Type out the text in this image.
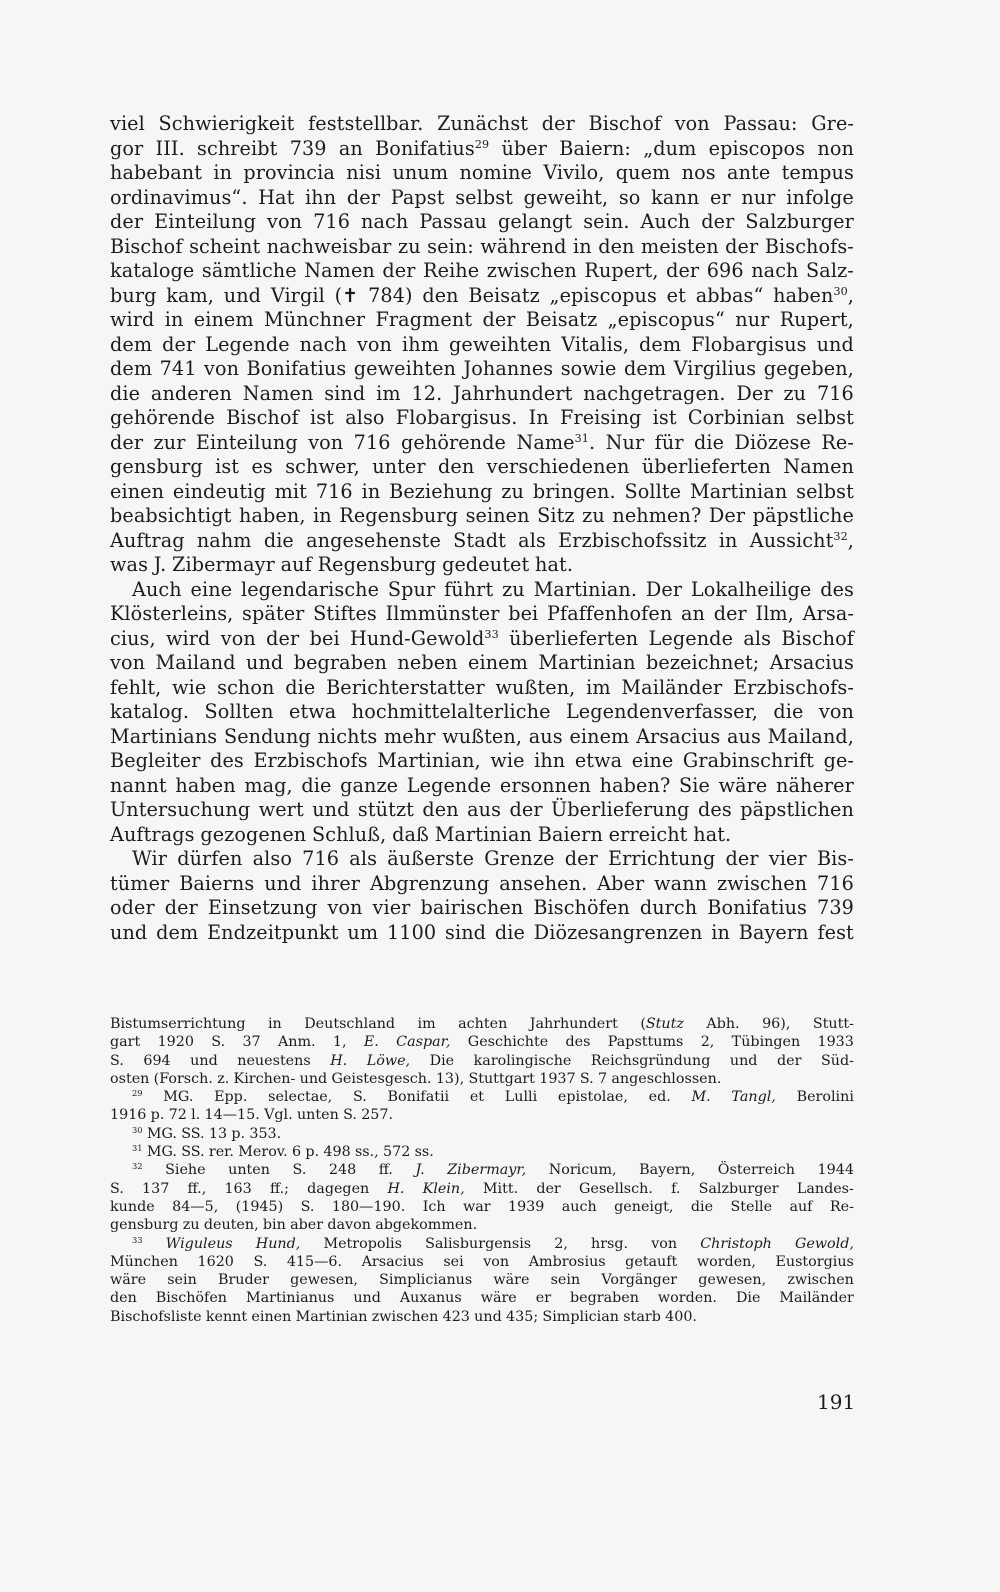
viel Schwierigkeit feststellbar. Zunächst der Bischof von Passau: Gre-
gor III. schreibt 739 an Bonifatius$^{29}$ über Baiern: „dum episcopos non
habebant in provincia nisi unum nomine Vivilo, quem nos ante tempus
ordinavimus“. Hat ihn der Papst selbst geweiht, so kann er nur infolge
der Einteilung von 716 nach Passau gelangt sein. Auch der Salzburger
Bischof scheint nachweisbar zu sein: während in den meisten der Bischofs-
kataloge sämtliche Namen der Reihe zwischen Rupert, der 696 nach Salz-
burg kam, und Virgil (✝ 784) den Beisatz „episcopus et abbas“ haben$^{30}$,
wird in einem Münchner Fragment der Beisatz „episcopus“ nur Rupert,
dem der Legende nach von ihm geweihten Vitalis, dem Flobargisus und
dem 741 von Bonifatius geweihten Johannes sowie dem Virgilius gegeben,
die anderen Namen sind im 12. Jahrhundert nachgetragen. Der zu 716
gehörende Bischof ist also Flobargisus. In Freising ist Corbinian selbst
der zur Einteilung von 716 gehörende Name$^{31}$. Nur für die Diözese Re-
gensburg ist es schwer, unter den verschiedenen überlieferten Namen
einen eindeutig mit 716 in Beziehung zu bringen. Sollte Martinian selbst
beabsichtigt haben, in Regensburg seinen Sitz zu nehmen? Der päpstliche
Auftrag nahm die angesehenste Stadt als Erzbischofssitz in Aussicht$^{32}$,
was J. Zibermayr auf Regensburg gedeutet hat.
Auch eine legendarische Spur führt zu Martinian. Der Lokalheilige des
Klösterleins, später Stiftes Ilmmünster bei Pfaffenhofen an der Ilm, Arsa-
cius, wird von der bei Hund-Gewold$^{33}$ überlieferten Legende als Bischof
von Mailand und begraben neben einem Martinian bezeichnet; Arsacius
fehlt, wie schon die Berichterstatter wußten, im Mailänder Erzbischofs-
katalog. Sollten etwa hochmittelalterliche Legendenverfasser, die von
Martinians Sendung nichts mehr wußten, aus einem Arsacius aus Mailand,
Begleiter des Erzbischofs Martinian, wie ihn etwa eine Grabinschrift ge-
nannt haben mag, die ganze Legende ersonnen haben? Sie wäre näherer
Untersuchung wert und stützt den aus der Überlieferung des päpstlichen
Auftrags gezogenen Schluß, daß Martinian Baiern erreicht hat.
Wir dürfen also 716 als äußerste Grenze der Errichtung der vier Bis-
tümer Baierns und ihrer Abgrenzung ansehen. Aber wann zwischen 716
oder der Einsetzung von vier bairischen Bischöfen durch Bonifatius 739
und dem Endzeitpunkt um 1100 sind die Diözesangrenzen in Bayern fest
Bistumserrichtung in Deutschland im achten Jahrhundert (Stutz Abh. 96), Stutt-
gart 1920 S. 37 Anm. 1, E. Caspar, Geschichte des Papsttums 2, Tübingen 1933
S. 694 und neuestens H. Löwe, Die karolingische Reichsgründung und der Süd-
osten (Forsch. z. Kirchen- und Geistesgesch. 13), Stuttgart 1937 S. 7 angeschlossen.
$^{29}$ MG. Epp. selectae, S. Bonifatii et Lulli epistolae, ed. M. Tangl, Berolini
1916 p. 72 l. 14—15. Vgl. unten S. 257.
$^{30}$ MG. SS. 13 p. 353.
$^{31}$ MG. SS. rer. Merov. 6 p. 498 ss., 572 ss.
$^{32}$ Siehe unten S. 248 ff. J. Zibermayr, Noricum, Bayern, Österreich 1944
S. 137 ff., 163 ff.; dagegen H. Klein, Mitt. der Gesellsch. f. Salzburger Landes-
kunde 84—5, (1945) S. 180—190. Ich war 1939 auch geneigt, die Stelle auf Re-
gensburg zu deuten, bin aber davon abgekommen.
$^{33}$ Wiguleus Hund, Metropolis Salisburgensis 2, hrsg. von Christoph Gewold,
München 1620 S. 415—6. Arsacius sei von Ambrosius getauft worden, Eustorgius
wäre sein Bruder gewesen, Simplicianus wäre sein Vorgänger gewesen, zwischen
den Bischöfen Martinianus und Auxanus wäre er begraben worden. Die Mailänder
Bischofsliste kennt einen Martinian zwischen 423 und 435; Simplician starb 400.
191
